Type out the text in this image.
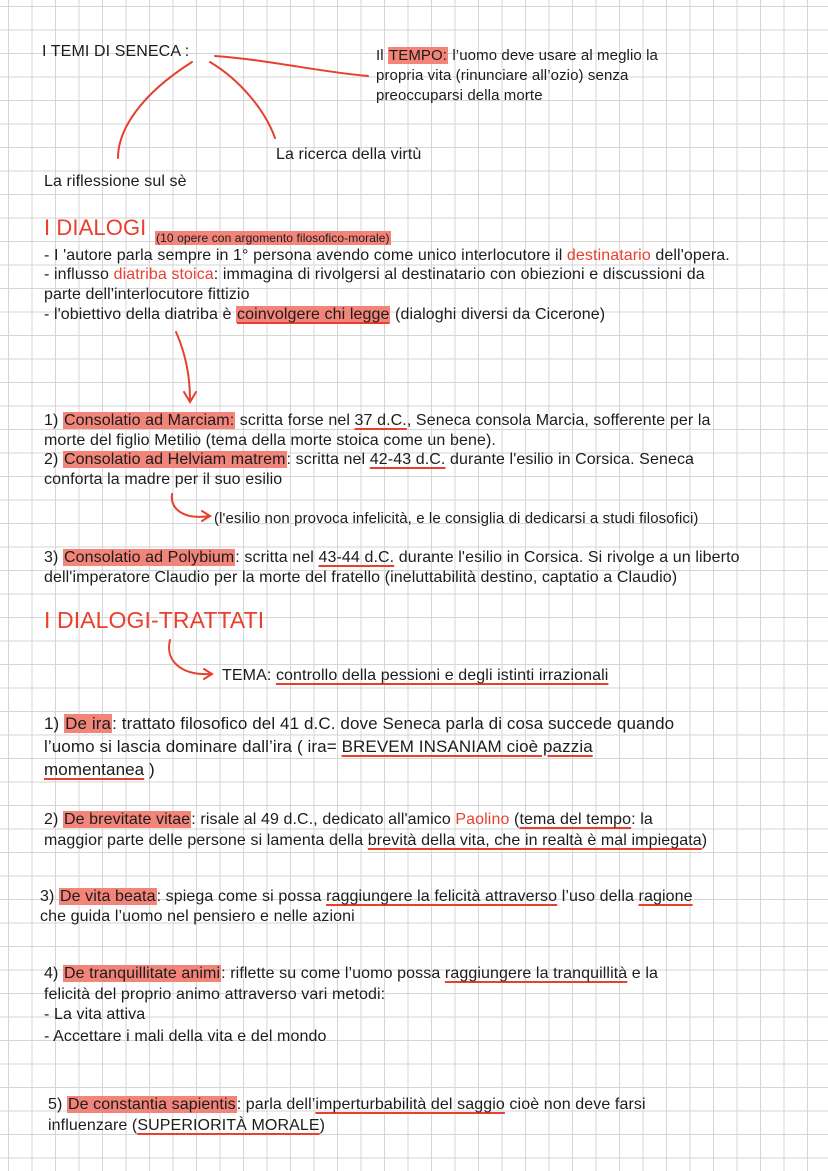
I TEMI DI SENECA :	Il TEMPO: l’uomo deve usare al meglio la
propria vita (rinunciare all’ozio) senza
preoccuparsi della morte
La ricerca della virtù
La riflessione sul sè
I DIALOGI (10 opere con argomento filosofico-morale)
- I 'autore parla sempre in 1° persona avendo come unico interlocutore il destinatario dell'opera.
- influsso diatriba stoica: immagina di rivolgersi al destinatario con obiezioni e discussioni da
parte dell'interlocutore fittizio
- l'obiettivo della diatriba è coinvolgere chi legge (dialoghi diversi da Cicerone)
1) Consolatio ad Marciam: scritta forse nel 37 d.C., Seneca consola Marcia, sofferente per la
morte del figlio Metilio (tema della morte stoica come un bene).
2) Consolatio ad Helviam matrem: scritta nel 42-43 d.C. durante l'esilio in Corsica. Seneca
conforta la madre per il suo esilio
(l'esilio non provoca infelicità, e le consiglia di dedicarsi a studi filosofici)
3) Consolatio ad Polybium: scritta nel 43-44 d.C. durante l'esilio in Corsica. Si rivolge a un liberto
dell'imperatore Claudio per la morte del fratello (ineluttabilità destino, captatio a Claudio)
I DIALOGI-TRATTATI
TEMA: controllo della pessioni e degli istinti irrazionali
1) De ira: trattato filosofico del 41 d.C. dove Seneca parla di cosa succede quando
l’uomo si lascia dominare dall’ira ( ira= BREVEM INSANIAM cioè pazzia
momentanea )
2) De brevitate vitae: risale al 49 d.C., dedicato all'amico Paolino (tema del tempo: la
maggior parte delle persone si lamenta della brevità della vita, che in realtà è mal impiegata)
3) De vita beata: spiega come si possa raggiungere la felicità attraverso l’uso della ragione
che guida l’uomo nel pensiero e nelle azioni
4) De tranquillitate animi: riflette su come l’uomo possa raggiungere la tranquillità e la
felicità del proprio animo attraverso vari metodi:
- La vita attiva
- Accettare i mali della vita e del mondo
5) De constantia sapientis: parla dell’imperturbabilità del saggio cioè non deve farsi
influenzare (SUPERIORITÀ MORALE)
